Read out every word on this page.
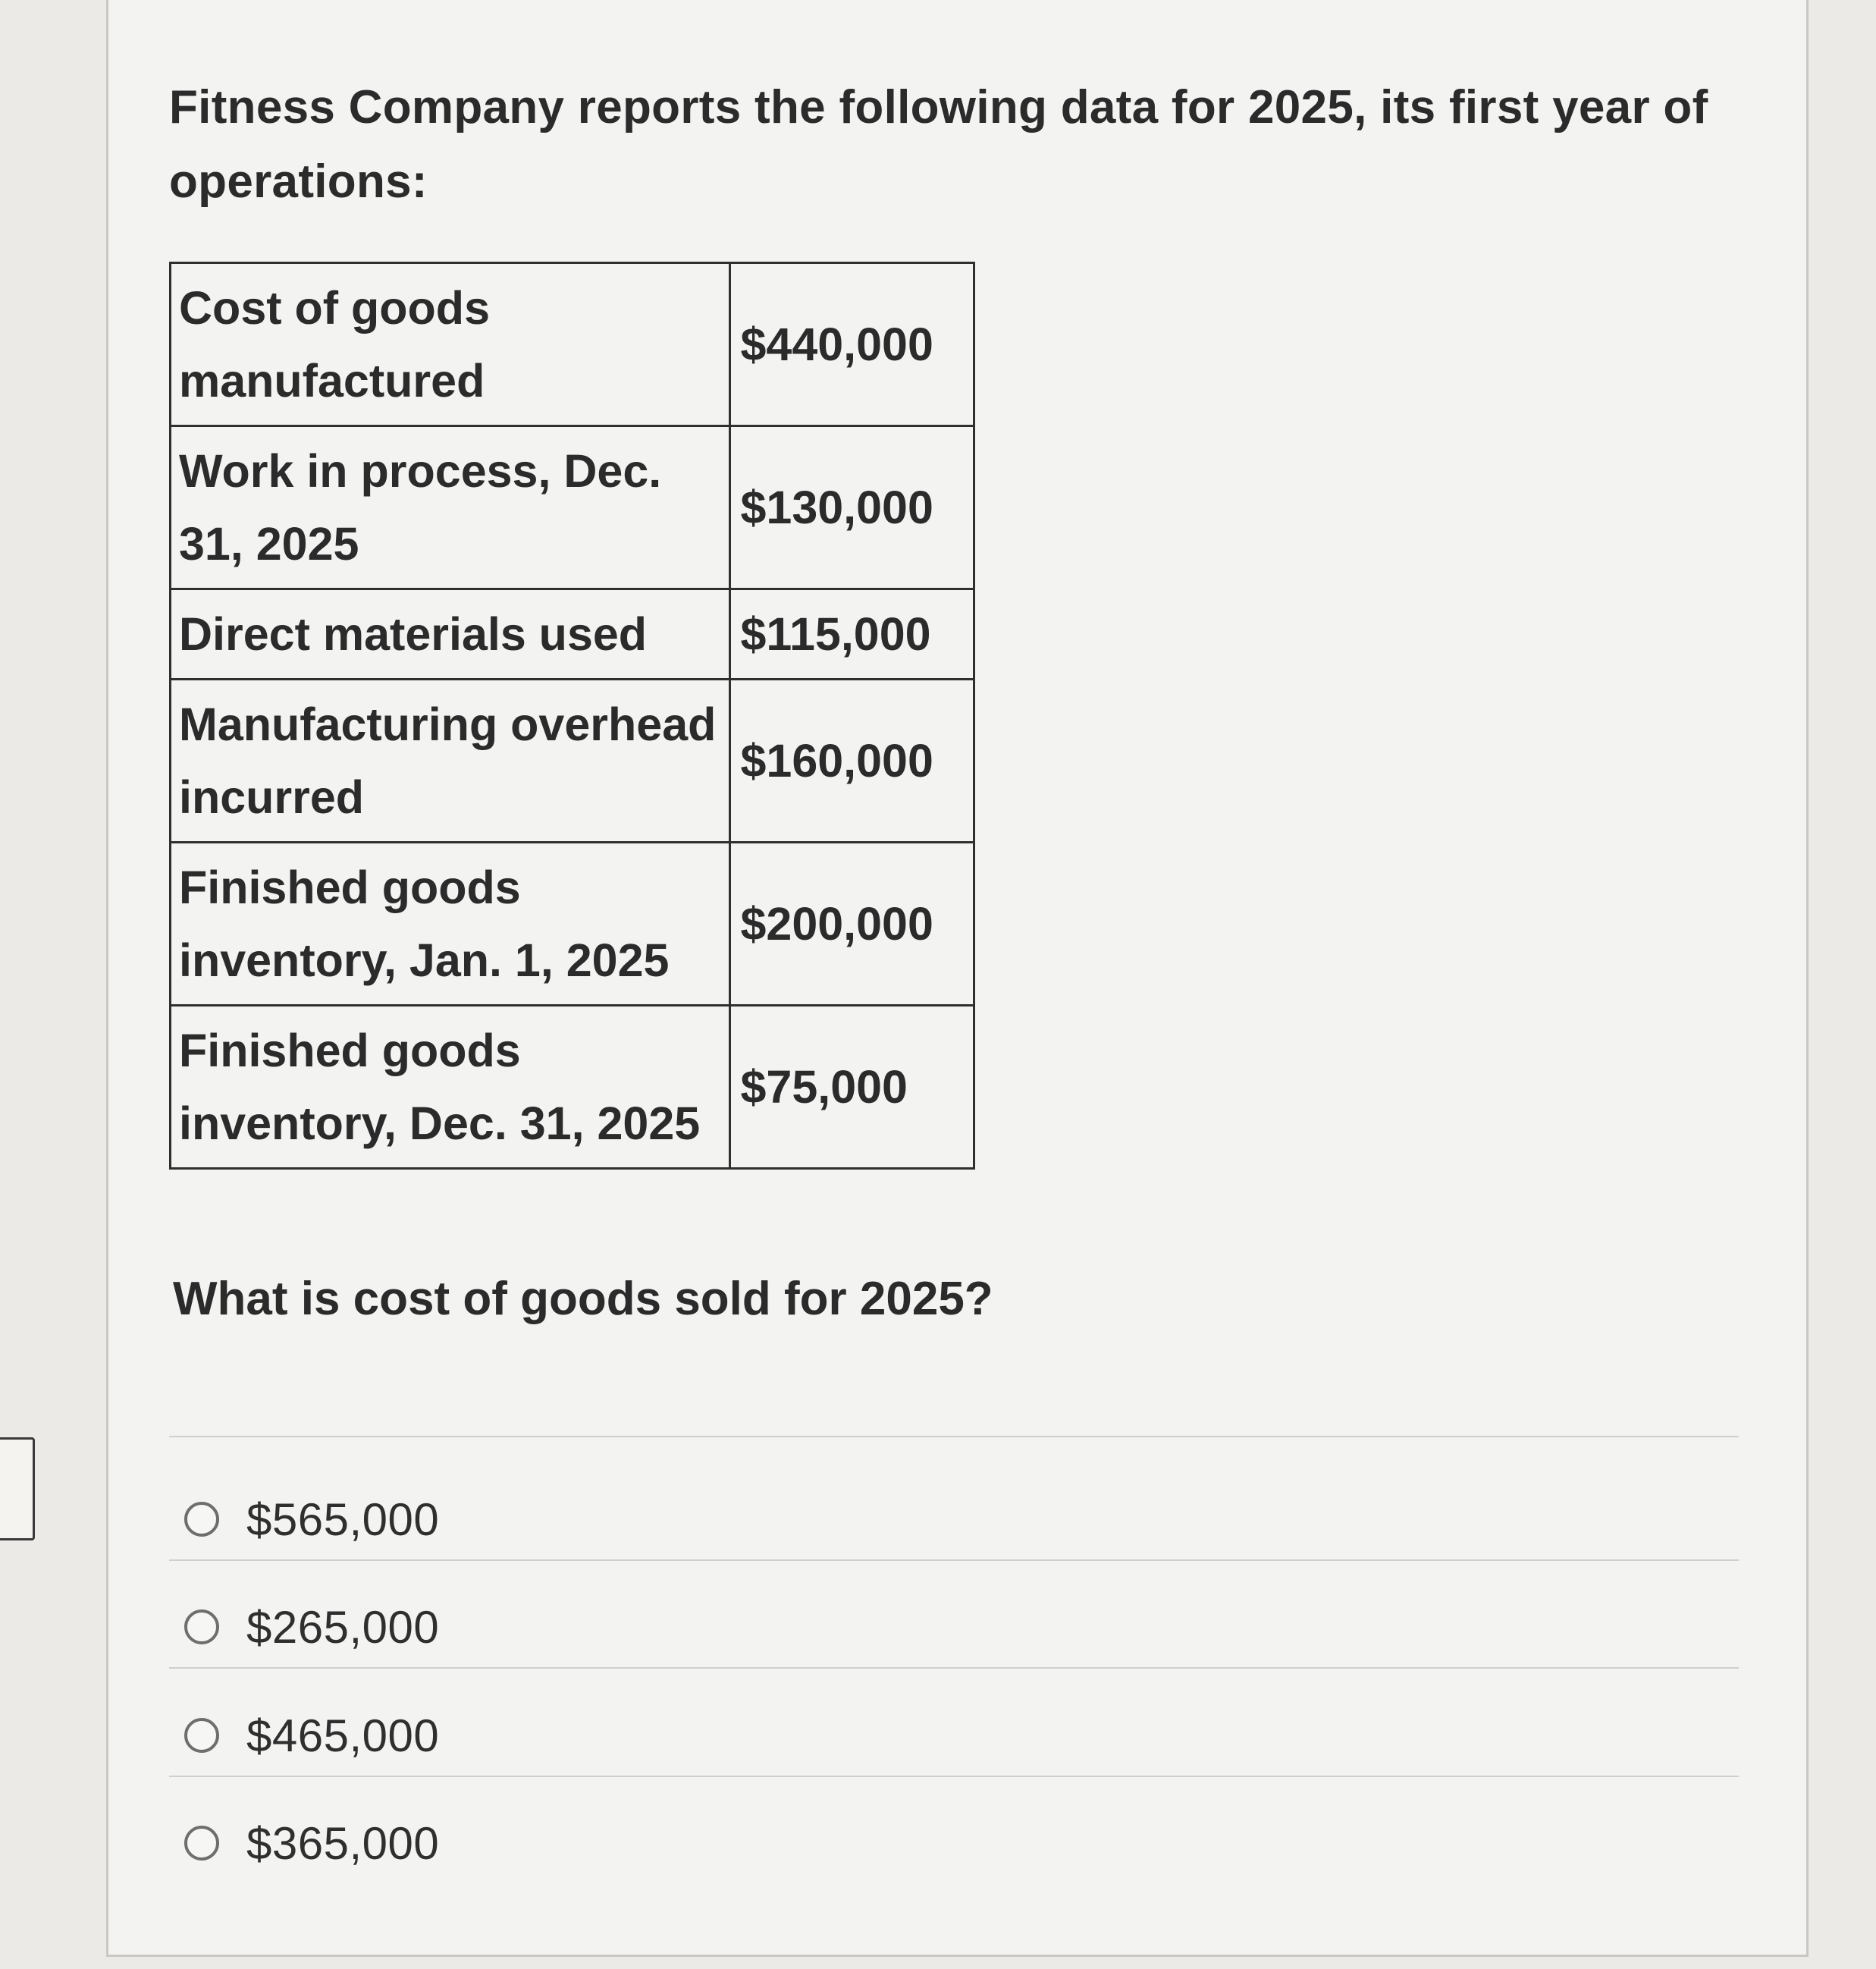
Fitness Company reports the following data for 2025, its first year of operations:
Cost of goods manufactured	$440,000
Work in process, Dec. 31, 2025	$130,000
Direct materials used	$115,000
Manufacturing overhead incurred	$160,000
Finished goods inventory, Jan. 1, 2025	$200,000
Finished goods inventory, Dec. 31, 2025	$75,000
What is cost of goods sold for 2025?
$565,000
$265,000
$465,000
$365,000
